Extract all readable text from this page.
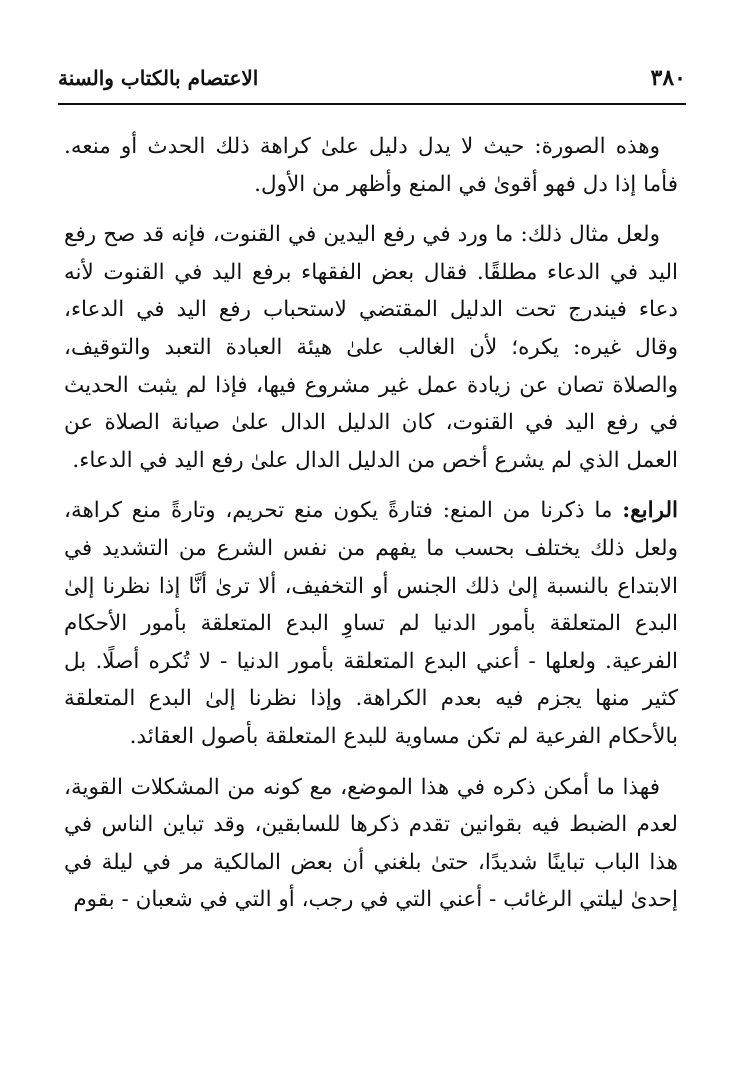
٣٨٠
الاعتصام بالكتاب والسنة

وهذه الصورة: حيث لا يدل دليل علىٰ كراهة ذلك الحدث أو منعه. فأما إذا دل فهو أقوىٰ في المنع وأظهر من الأول.

ولعل مثال ذلك: ما ورد في رفع اليدين في القنوت، فإنه قد صح رفع اليد في الدعاء مطلقًا. فقال بعض الفقهاء برفع اليد في القنوت لأنه دعاء فيندرج تحت الدليل المقتضي لاستحباب رفع اليد في الدعاء، وقال غيره: يكره؛ لأن الغالب علىٰ هيئة العبادة التعبد والتوقيف، والصلاة تصان عن زيادة عمل غير مشروع فيها، فإذا لم يثبت الحديث في رفع اليد في القنوت، كان الدليل الدال علىٰ صيانة الصلاة عن العمل الذي لم يشرع أخص من الدليل الدال علىٰ رفع اليد في الدعاء.

الرابع: ما ذكرنا من المنع: فتارةً يكون منع تحريم، وتارةً منع كراهة، ولعل ذلك يختلف بحسب ما يفهم من نفس الشرع من التشديد في الابتداع بالنسبة إلىٰ ذلك الجنس أو التخفيف، ألا ترىٰ أنَّا إذا نظرنا إلىٰ البدع المتعلقة بأمور الدنيا لم تساوِ البدع المتعلقة بأمور الأحكام الفرعية. ولعلها - أعني البدع المتعلقة بأمور الدنيا - لا تُكره أصلًا. بل كثير منها يجزم فيه بعدم الكراهة. وإذا نظرنا إلىٰ البدع المتعلقة بالأحكام الفرعية لم تكن مساوية للبدع المتعلقة بأصول العقائد.

فهذا ما أمكن ذكره في هذا الموضع، مع كونه من المشكلات القوية، لعدم الضبط فيه بقوانين تقدم ذكرها للسابقين، وقد تباين الناس في هذا الباب تباينًا شديدًا، حتىٰ بلغني أن بعض المالكية مر في ليلة في إحدىٰ ليلتي الرغائب - أعني التي في رجب، أو التي في شعبان - بقوم
